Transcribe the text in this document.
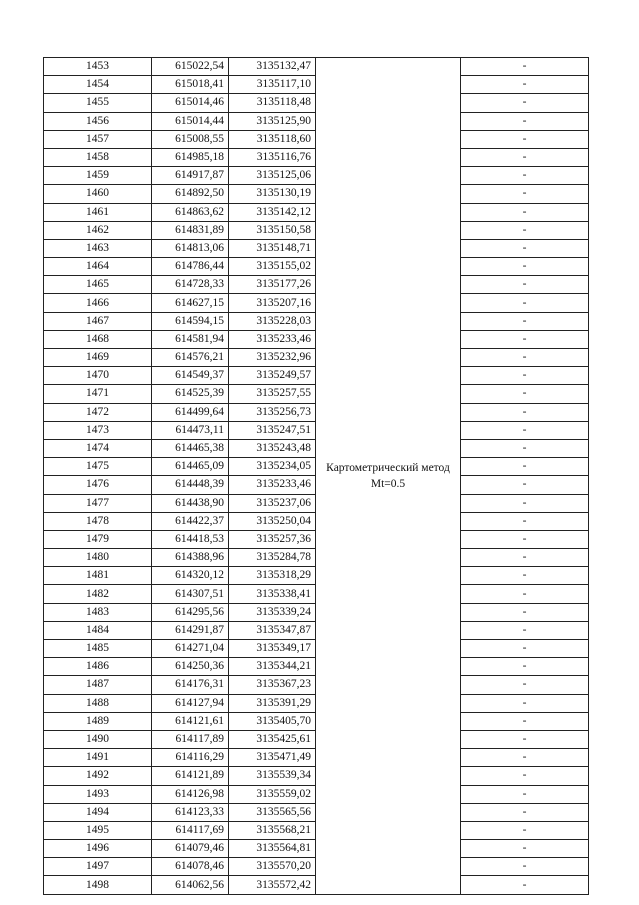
1453	615022,54	3135132,47	Картометрический метод Mt=0.5	-
1454	615018,41	3135117,10		-
1455	615014,46	3135118,48		-
1456	615014,44	3135125,90		-
1457	615008,55	3135118,60		-
1458	614985,18	3135116,76		-
1459	614917,87	3135125,06		-
1460	614892,50	3135130,19		-
1461	614863,62	3135142,12		-
1462	614831,89	3135150,58		-
1463	614813,06	3135148,71		-
1464	614786,44	3135155,02		-
1465	614728,33	3135177,26		-
1466	614627,15	3135207,16		-
1467	614594,15	3135228,03		-
1468	614581,94	3135233,46		-
1469	614576,21	3135232,96		-
1470	614549,37	3135249,57		-
1471	614525,39	3135257,55		-
1472	614499,64	3135256,73		-
1473	614473,11	3135247,51		-
1474	614465,38	3135243,48		-
1475	614465,09	3135234,05		-
1476	614448,39	3135233,46		-
1477	614438,90	3135237,06		-
1478	614422,37	3135250,04		-
1479	614418,53	3135257,36		-
1480	614388,96	3135284,78		-
1481	614320,12	3135318,29		-
1482	614307,51	3135338,41		-
1483	614295,56	3135339,24		-
1484	614291,87	3135347,87		-
1485	614271,04	3135349,17		-
1486	614250,36	3135344,21		-
1487	614176,31	3135367,23		-
1488	614127,94	3135391,29		-
1489	614121,61	3135405,70		-
1490	614117,89	3135425,61		-
1491	614116,29	3135471,49		-
1492	614121,89	3135539,34		-
1493	614126,98	3135559,02		-
1494	614123,33	3135565,56		-
1495	614117,69	3135568,21		-
1496	614079,46	3135564,81		-
1497	614078,46	3135570,20		-
1498	614062,56	3135572,42		-
